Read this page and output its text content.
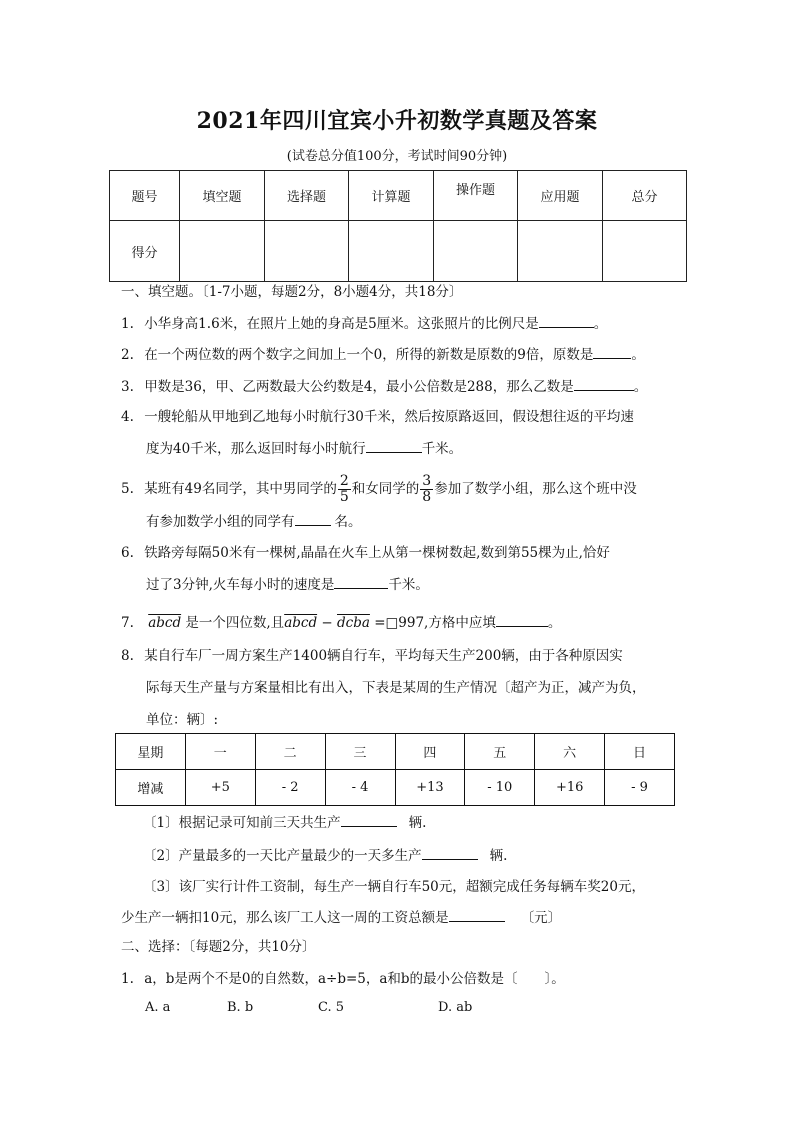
2021年四川宜宾小升初数学真题及答案
(试卷总分值100分，考试时间90分钟)
题号	填空题	选择题	计算题	操作题	应用题	总分
得分						
一、填空题。〔1-7小题，每题2分，8小题4分，共18分〕
1. 小华身高1.6米，在照片上她的身高是5厘米。这张照片的比例尺是	。
2. 在一个两位数的两个数字之间加上一个0，所得的新数是原数的9倍，原数是	。
3. 甲数是36，甲、乙两数最大公约数是4，最小公倍数是288，那么乙数是	。
4. 一艘轮船从甲地到乙地每小时航行30千米，然后按原路返回，假设想往返的平均速
度为40千米，那么返回时每小时航行	千米。
5. 某班有49名同学，其中男同学的 $\frac{2}{5}$ 和女同学的 $\frac{3}{8}$ 参加了数学小组，那么这个班中没
有参加数学小组的同学有	名。
6. 铁路旁每隔50米有一棵树,晶晶在火车上从第一棵树数起,数到第55棵为止,恰好
过了3分钟,火车每小时的速度是	千米。
7. abcd 是一个四位数,且abcd − dcba =□997,方格中应填	。
8. 某自行车厂一周方案生产1400辆自行车，平均每天生产200辆，由于各种原因实
际每天生产量与方案量相比有出入，下表是某周的生产情况〔超产为正，减产为负，
单位：辆〕:
星期	一	二	三	四	五	六	日
增减	+5	- 2	- 4	+13	- 10	+16	- 9
〔1〕根据记录可知前三天共生产	辆.
〔2〕产量最多的一天比产量最少的一天多生产	辆.
〔3〕该厂实行计件工资制，每生产一辆自行车50元，超额完成任务每辆车奖20元，
少生产一辆扣10元，那么该厂工人这一周的工资总额是	〔元〕
二、选择：〔每题2分，共10分〕
1. a，b是两个不是0的自然数，a÷b=5，a和b的最小公倍数是〔　　〕。
A. a	B. b	C. 5	D. ab
